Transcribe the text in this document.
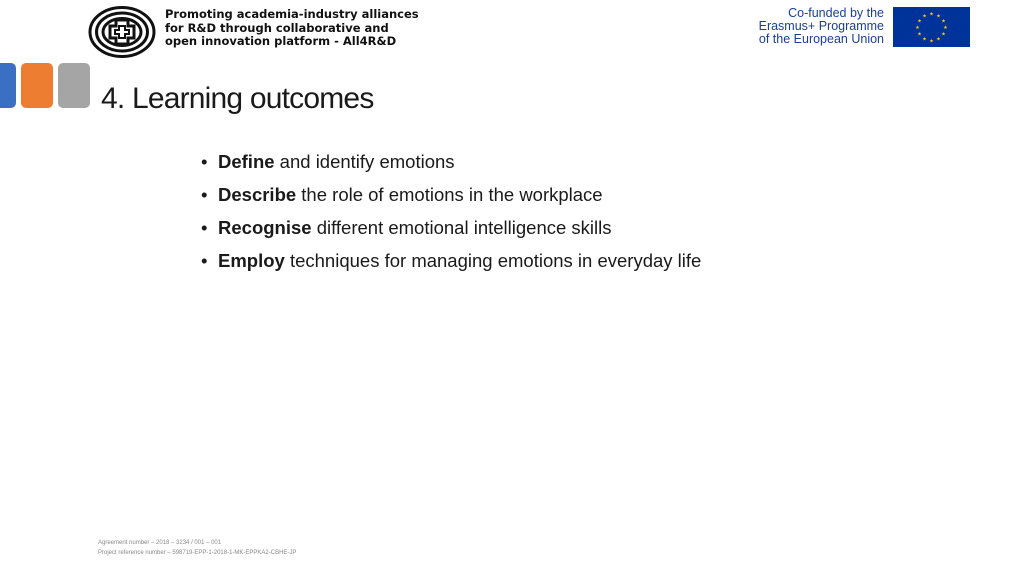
Promoting academia-industry alliances
for R&D through collaborative and
open innovation platform - All4R&D
Co-funded by the
Erasmus+ Programme
of the European Union
★ ★
★
★
★
★
★
★
★
★
★
★
4. Learning outcomes
• Define and identify emotions
• Describe the role of emotions in the workplace
• Recognise different emotional intelligence skills
• Employ techniques for managing emotions in everyday life
Agreement number – 2018 – 3234 / 001 – 001
Project reference number – 598719-EPP-1-2018-1-MK-EPPKA2-CBHE-JP
